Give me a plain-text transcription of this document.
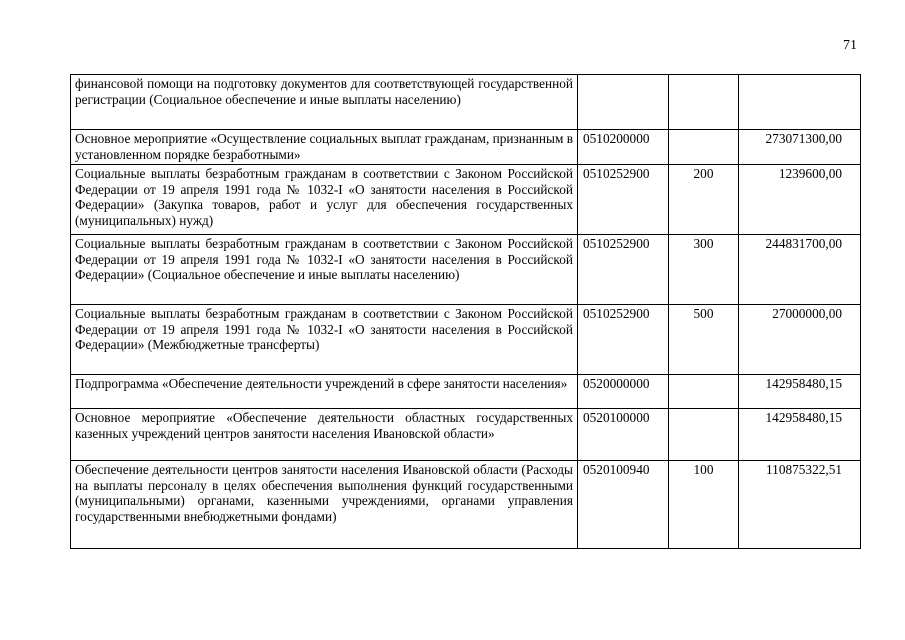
71
финансовой помощи на подготовку документов для соответствующей государственной регистрации (Социальное обеспечение и иные выплаты населению)			
Основное мероприятие «Осуществление социальных выплат гражданам, признанным в установленном порядке безработными»	0510200000		273071300,00
Социальные выплаты безработным гражданам в соответствии с Законом Российской Федерации от 19 апреля 1991 года № 1032-I «О занятости населения в Российской Федерации» (Закупка товаров, работ и услуг для обеспечения государственных (муниципальных) нужд)	0510252900	200	1239600,00
Социальные выплаты безработным гражданам в соответствии с Законом Российской Федерации от 19 апреля 1991 года № 1032-I «О занятости населения в Российской Федерации» (Социальное обеспечение и иные выплаты населению)	0510252900	300	244831700,00
Социальные выплаты безработным гражданам в соответствии с Законом Российской Федерации от 19 апреля 1991 года № 1032-I «О занятости населения в Российской Федерации» (Межбюджетные трансферты)	0510252900	500	27000000,00
Подпрограмма «Обеспечение деятельности учреждений в сфере занятости населения»	0520000000		142958480,15
Основное мероприятие «Обеспечение деятельности областных государственных казенных учреждений центров занятости населения Ивановской области»	0520100000		142958480,15
Обеспечение деятельности центров занятости населения Ивановской области (Расходы на выплаты персоналу в целях обеспечения выполнения функций государственными (муниципальными) органами, казенными учреждениями, органами управления государственными внебюджетными фондами)	0520100940	100	110875322,51
